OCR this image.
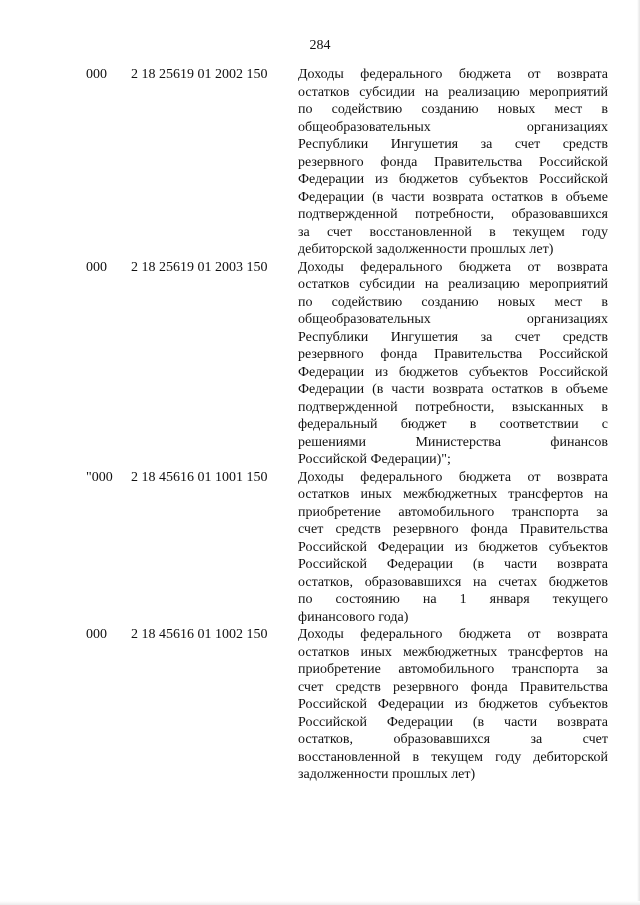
284
000 2 18 25619 01 2002 150 Доходы федерального бюджета от возврата
остатков субсидии на реализацию мероприятий
по содействию созданию новых мест в
общеобразовательных организациях
Республики Ингушетия за счет средств
резервного фонда Правительства Российской
Федерации из бюджетов субъектов Российской
Федерации (в части возврата остатков в объеме
подтвержденной потребности, образовавшихся
за счет восстановленной в текущем году
дебиторской задолженности прошлых лет)
000 2 18 25619 01 2003 150 Доходы федерального бюджета от возврата
остатков субсидии на реализацию мероприятий
по содействию созданию новых мест в
общеобразовательных организациях
Республики Ингушетия за счет средств
резервного фонда Правительства Российской
Федерации из бюджетов субъектов Российской
Федерации (в части возврата остатков в объеме
подтвержденной потребности, взысканных в
федеральный бюджет в соответствии с
решениями Министерства финансов
Российской Федерации)";
"000 2 18 45616 01 1001 150 Доходы федерального бюджета от возврата
остатков иных межбюджетных трансфертов на
приобретение автомобильного транспорта за
счет средств резервного фонда Правительства
Российской Федерации из бюджетов субъектов
Российской Федерации (в части возврата
остатков, образовавшихся на счетах бюджетов
по состоянию на 1 января текущего
финансового года)
000 2 18 45616 01 1002 150 Доходы федерального бюджета от возврата
остатков иных межбюджетных трансфертов на
приобретение автомобильного транспорта за
счет средств резервного фонда Правительства
Российской Федерации из бюджетов субъектов
Российской Федерации (в части возврата
остатков, образовавшихся за счет
восстановленной в текущем году дебиторской
задолженности прошлых лет)
